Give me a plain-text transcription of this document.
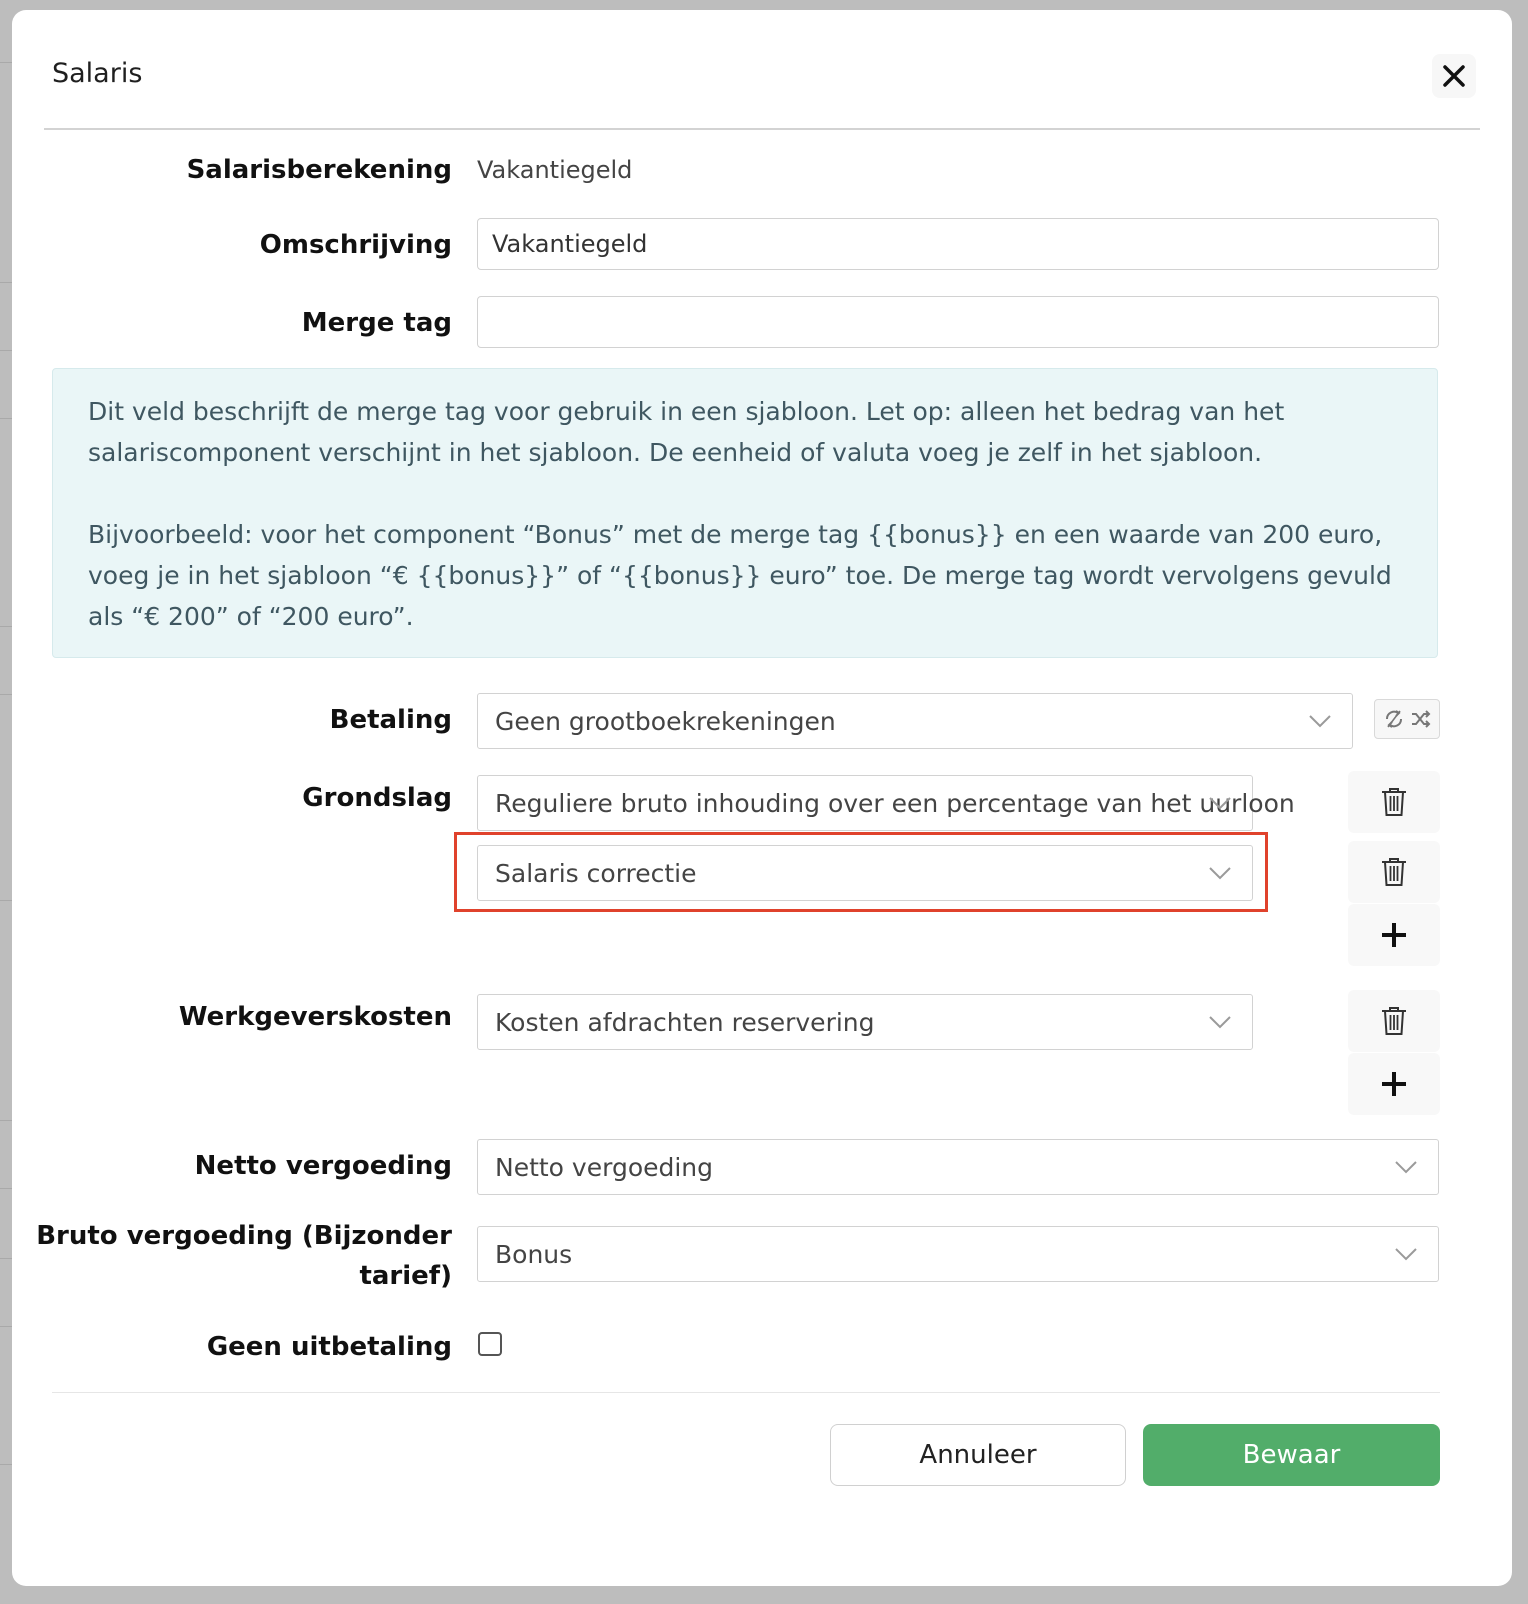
Salaris
Salarisberekening Vakantiegeld
Omschrijving Vakantiegeld
Merge tag

Dit veld beschrijft de merge tag voor gebruik in een sjabloon. Let op: alleen het bedrag van het salariscomponent verschijnt in het sjabloon. De eenheid of valuta voeg je zelf in het sjabloon.

Bijvoorbeeld: voor het component “Bonus” met de merge tag {{bonus}} en een waarde van 200 euro, voeg je in het sjabloon “€ {{bonus}}” of “{{bonus}} euro” toe. De merge tag wordt vervolgens gevuld als “€ 200” of “200 euro”.

Betaling Geen grootboekrekeningen
Grondslag Reguliere bruto inhouding over een percentage van het uurloon
Salaris correctie
Werkgeverskosten Kosten afdrachten reservering
Netto vergoeding Netto vergoeding
Bruto vergoeding (Bijzonder
tarief)
Bonus
Geen uitbetaling
Annuleer	Bewaar
